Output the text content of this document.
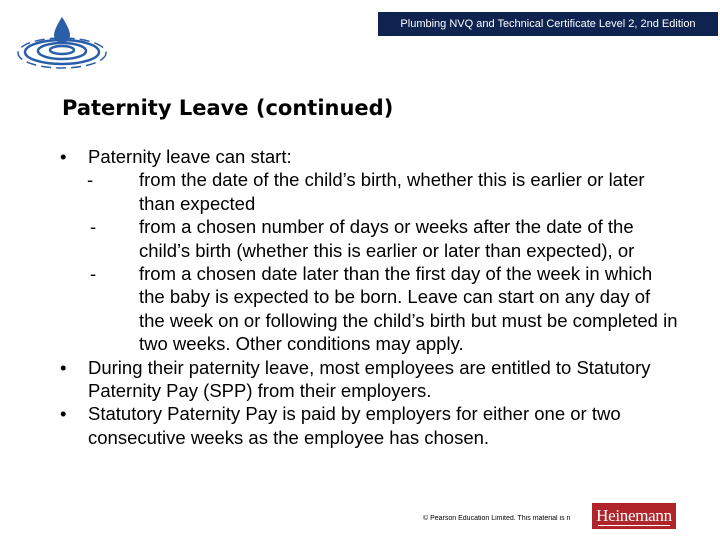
Plumbing NVQ and Technical Certificate Level 2, 2nd Edition
Paternity Leave (continued)
• Paternity leave can start:
- from the date of the child’s birth, whether this is earlier or later than expected
- from a chosen number of days or weeks after the date of the child’s birth (whether this is earlier or later than expected), or
- from a chosen date later than the first day of the week in which the baby is expected to be born. Leave can start on any day of the week on or following the child’s birth but must be completed in two weeks. Other conditions may apply.
• During their paternity leave, most employees are entitled to Statutory Paternity Pay (SPP) from their employers.
• Statutory Paternity Pay is paid by employers for either one or two consecutive weeks as the employee has chosen.
© Pearson Education Limited. This material is n	Heinemann
